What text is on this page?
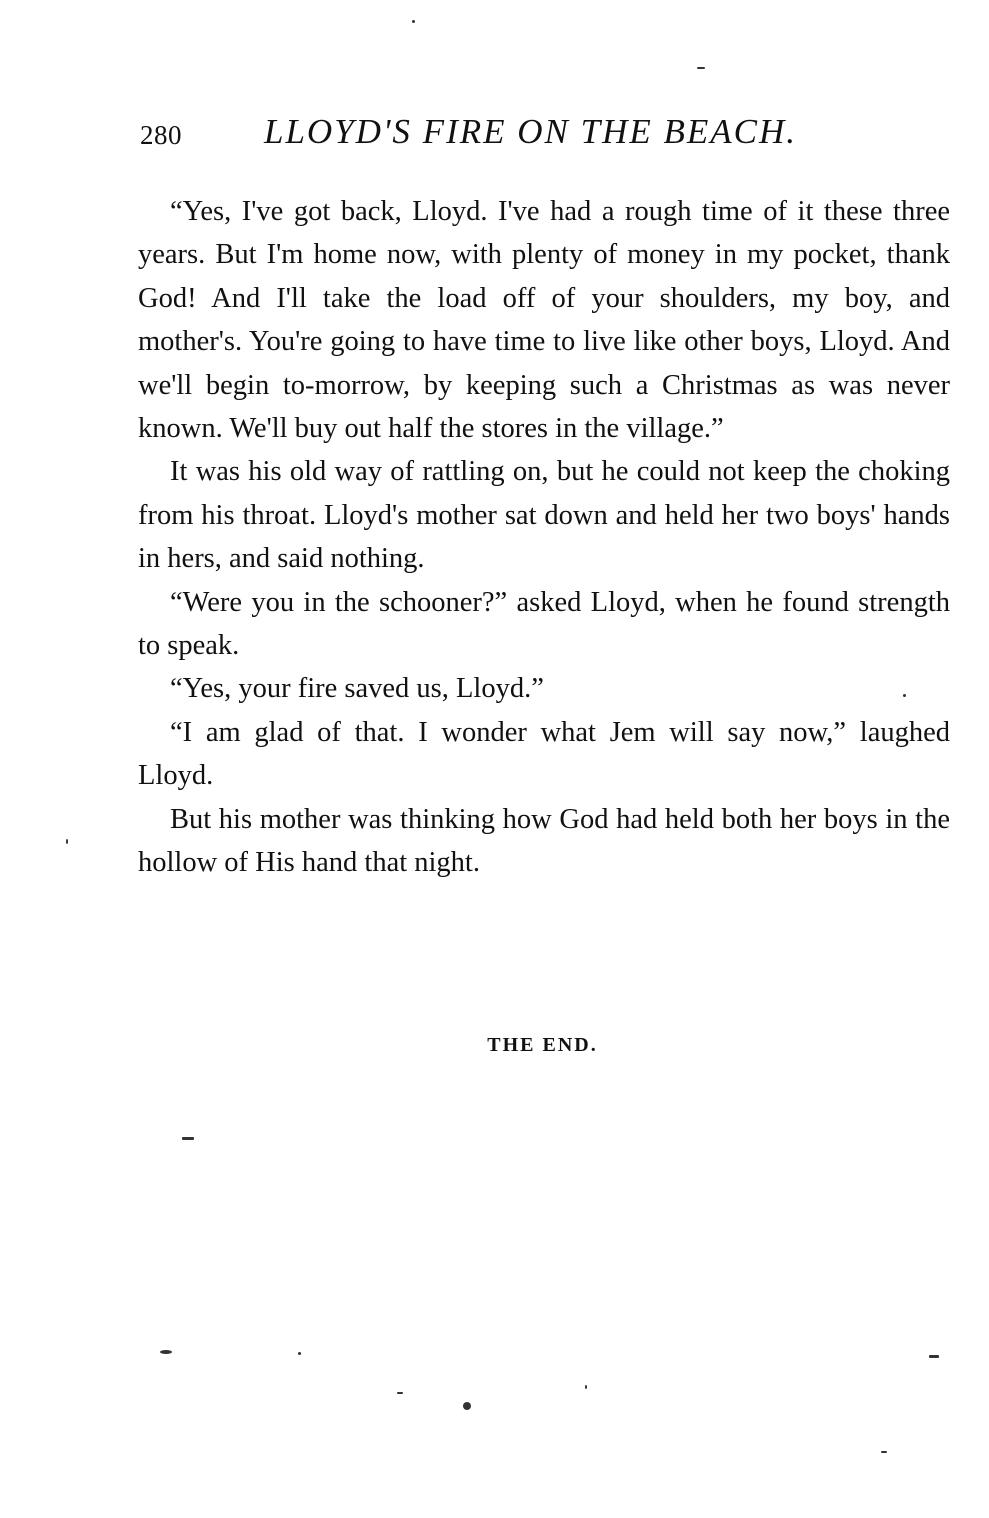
280 LLOYD'S FIRE ON THE BEACH.

“Yes, I've got back, Lloyd. I've had a rough time of it these three years. But I'm home now, with plenty of money in my pocket, thank God! And I'll take the load off of your shoulders, my boy, and mother's. You're going to have time to live like other boys, Lloyd. And we'll begin to-morrow, by keeping such a Christmas as was never known. We'll buy out half the stores in the village.”

It was his old way of rattling on, but he could not keep the choking from his throat. Lloyd's mother sat down and held her two boys' hands in hers, and said nothing.

“Were you in the schooner?” asked Lloyd, when he found strength to speak.

“Yes, your fire saved us, Lloyd.”

“I am glad of that. I wonder what Jem will say now,” laughed Lloyd.

But his mother was thinking how God had held both her boys in the hollow of His hand that night.

THE END.
